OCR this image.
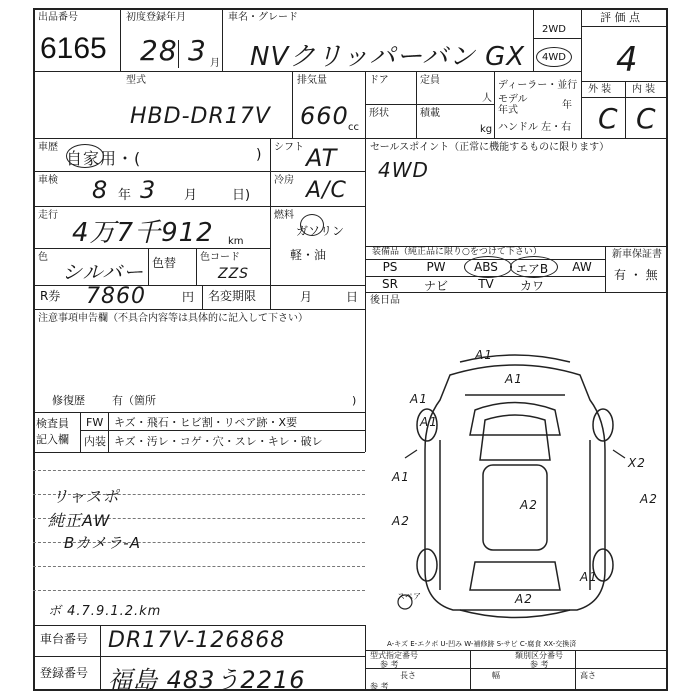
出品番号
6165
初度登録年月
28 3 月
車名・グレード
NVクリッパーバン GX
2WD
4WD
評 価 点
4
外 装 内 装
C C
型式
HBD-DR17V
排気量
660 cc
ドア	定員
人
形状	積載
kg
ディーラー・並行
モデル
年式	年
ハンドル 左・右
車歴
自家用・(	) シフト AT
車検 8 年 3 月	日)
冷房 A/C
走行
4万7千912 km
燃料
ガソリン
軽・油
色
シルバー 色替 色コード
ZZS
R券 7860	円 名変期限	月	日
注意事項申告欄（不具合内容等は具体的に記入して下さい）
修復歴 有（箇所	)
セールスポイント（正常に機能するものに限ります）
4WD
装備品（純正品に限り○をつけて下さい）
PS	PW	ABS	エアB	AW
SR	ナビ	TV	カワ
新車保証書
有 ・ 無
後日品
検査員
記入欄
FW キズ・飛石・ヒビ割・リペア跡・X要
内装 キズ・汚レ・コゲ・穴・スレ・キレ・破レ
リャスポ
純正AW
Bカメラ-A
ボ 4.7.9.1.2.km
A1
A1
A1
A2
A2
A2
X2
A2
A1
A1
A1
スペア
A-キズ E-エクボ U-凹み W-補修跡 S-サビ C-腐食 XX-交換済
車台番号 DR17V-126868
登録番号 福島 483う2216
型式指定番号
参 考
類別区分番号
参 考
長さ
参 考
幅	高さ
